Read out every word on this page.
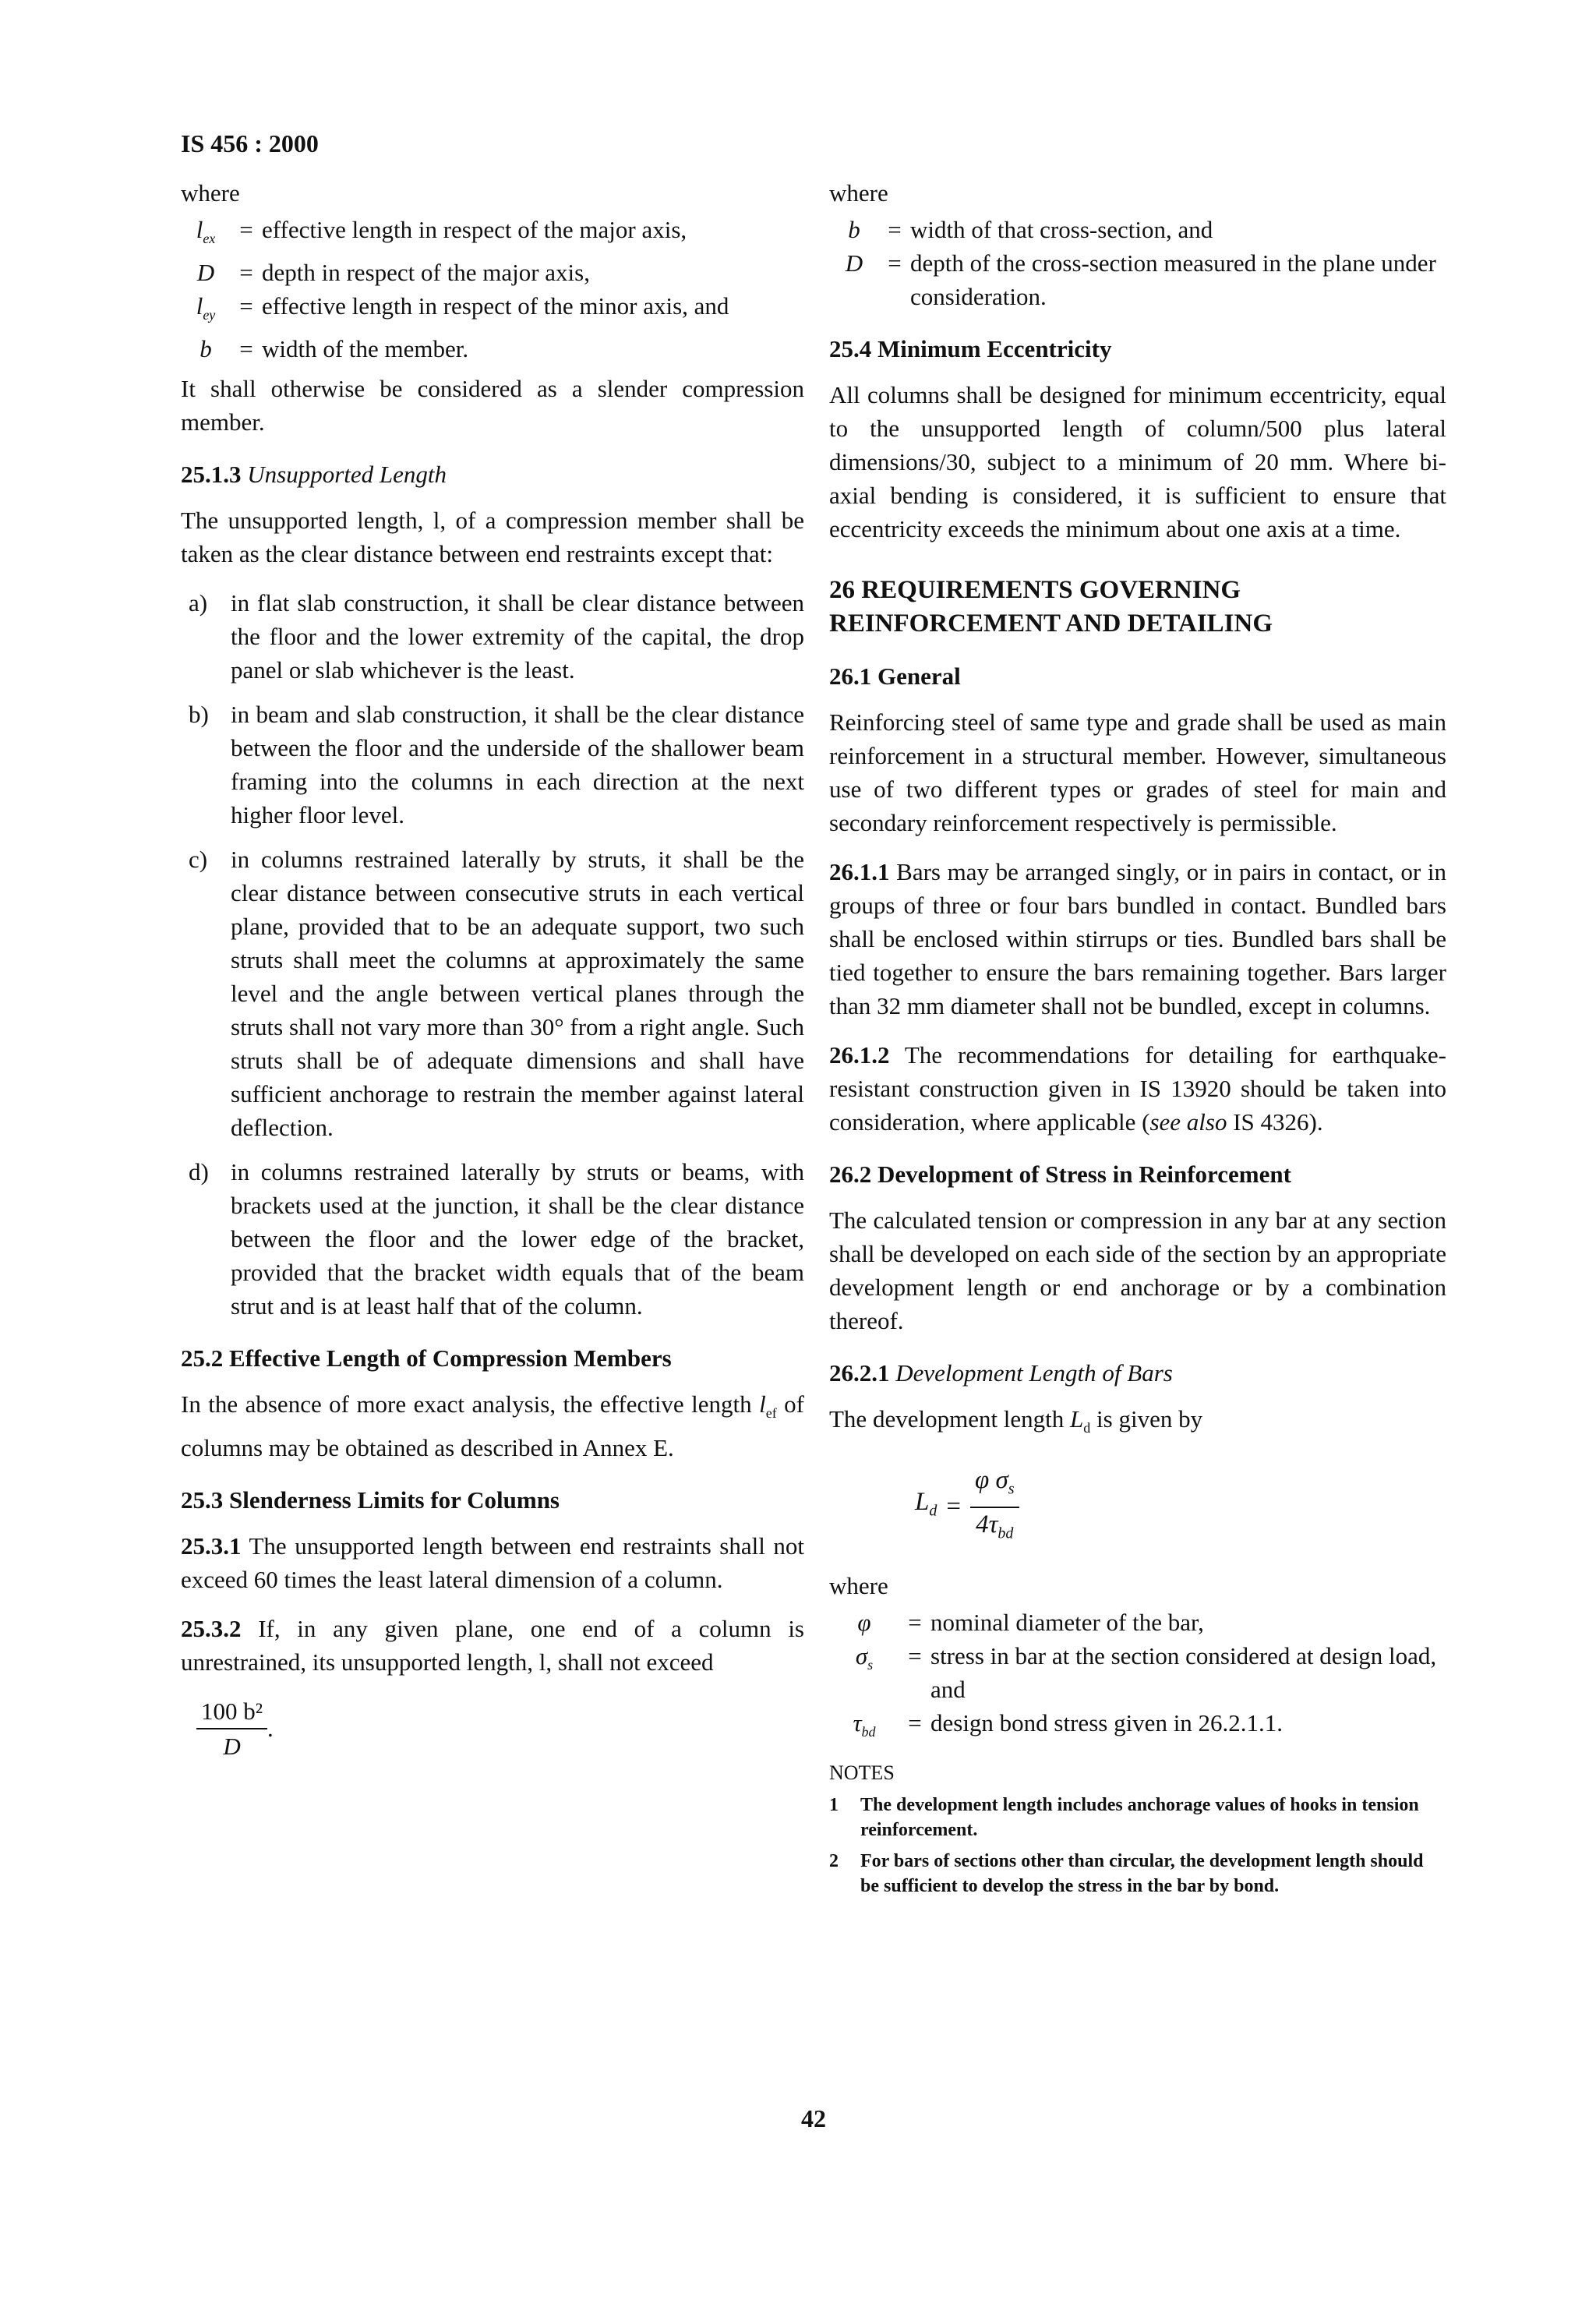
IS 456 : 2000
where
$l_{ex}$ = effective length in respect of the major axis,
D	= depth in respect of the major axis,
$l_{ey}$ = effective length in respect of the minor axis, and
b	= width of the member.

It shall otherwise be considered as a slender compression member.

25.1.3 Unsupported Length

The unsupported length, l, of a compression member shall be taken as the clear distance between end restraints except that:

a) in flat slab construction, it shall be clear distance between the floor and the lower extremity of the capital, the drop panel or slab whichever is the least.
b) in beam and slab construction, it shall be the clear distance between the floor and the underside of the shallower beam framing into the columns in each direction at the next higher floor level.
c) in columns restrained laterally by struts, it shall be the clear distance between consecutive struts in each vertical plane, provided that to be an adequate support, two such struts shall meet the columns at approximately the same level and the angle between vertical planes through the struts shall not vary more than 30° from a right angle. Such struts shall be of adequate dimensions and shall have sufficient anchorage to restrain the member against lateral deflection.
d) in columns restrained laterally by struts or beams, with brackets used at the junction, it shall be the clear distance between the floor and the lower edge of the bracket, provided that the bracket width equals that of the beam strut and is at least half that of the column.
25.2 Effective Length of Compression Members

In the absence of more exact analysis, the effective length $l_{ef}$ of columns may be obtained as described in Annex E.

25.3 Slenderness Limits for Columns

25.3.1 The unsupported length between end restraints shall not exceed 60 times the least lateral dimension of a column.

25.3.2 If, in any given plane, one end of a column is unrestrained, its unsupported length, l, shall not exceed

$\frac{\text{100 b²}}{D}$ .
where
b	= width of that cross-section, and
D	= depth of the cross-section measured in the plane under consideration.
25.4 Minimum Eccentricity

All columns shall be designed for minimum eccentricity, equal to the unsupported length of column/500 plus lateral dimensions/30, subject to a minimum of 20 mm. Where bi-axial bending is considered, it is sufficient to ensure that eccentricity exceeds the minimum about one axis at a time.

26 REQUIREMENTS GOVERNING REINFORCEMENT AND DETAILING
26.1 General

Reinforcing steel of same type and grade shall be used as main reinforcement in a structural member. However, simultaneous use of two different types or grades of steel for main and secondary reinforcement respectively is permissible.

26.1.1 Bars may be arranged singly, or in pairs in contact, or in groups of three or four bars bundled in contact. Bundled bars shall be enclosed within stirrups or ties. Bundled bars shall be tied together to ensure the bars remaining together. Bars larger than 32 mm diameter shall not be bundled, except in columns.

26.1.2 The recommendations for detailing for earthquake-resistant construction given in IS 13920 should be taken into consideration, where applicable (see also IS 4326).

26.2 Development of Stress in Reinforcement

The calculated tension or compression in any bar at any section shall be developed on each side of the section by an appropriate development length or end anchorage or by a combination thereof.

26.2.1 Development Length of Bars

The development length $L_d$ is given by

$L_d = \frac{\varphi \sigma_s}{4\tau_{bd}}$
where
φ	= nominal diameter of the bar,
$\sigma_s$	= stress in bar at the section considered at design load, and
$\tau_{bd}$	= design bond stress given in 26.2.1.1.
NOTES
1	The development length includes anchorage values of hooks in tension reinforcement.
2	For bars of sections other than circular, the development length should be sufficient to develop the stress in the bar by bond.
42
